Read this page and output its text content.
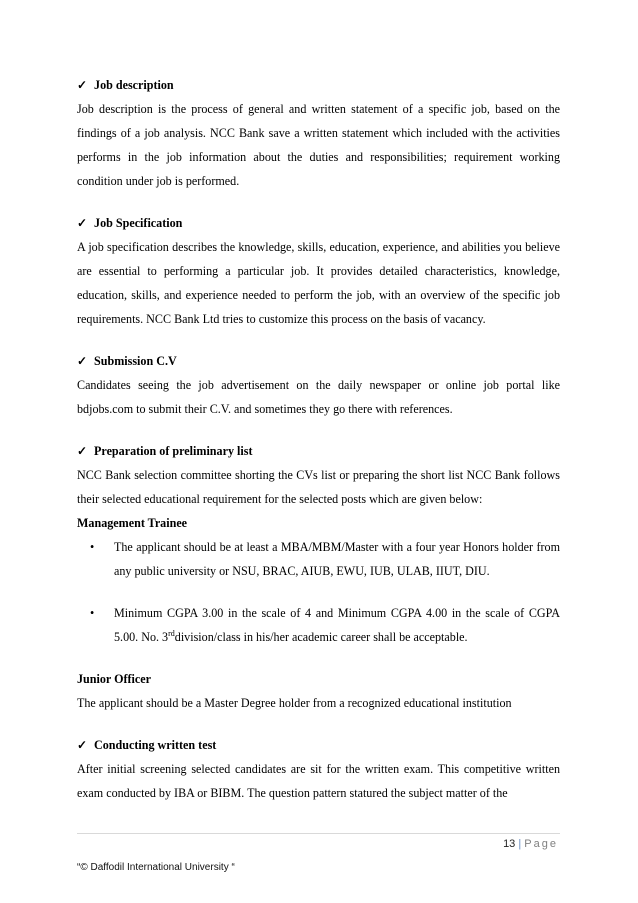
✓ Job description

Job description is the process of general and written statement of a specific job, based on the findings of a job analysis. NCC Bank save a written statement which included with the activities performs in the job information about the duties and responsibilities; requirement working condition under job is performed.

✓ Job Specification

A job specification describes the knowledge, skills, education, experience, and abilities you believe are essential to performing a particular job. It provides detailed characteristics, knowledge, education, skills, and experience needed to perform the job, with an overview of the specific job requirements. NCC Bank Ltd tries to customize this process on the basis of vacancy.

✓ Submission C.V

Candidates seeing the job advertisement on the daily newspaper or online job portal like bdjobs.com to submit their C.V. and sometimes they go there with references.

✓ Preparation of preliminary list

NCC Bank selection committee shorting the CVs list or preparing the short list NCC Bank follows their selected educational requirement for the selected posts which are given below:

Management Trainee

• The applicant should be at least a MBA/MBM/Master with a four year Honors holder from any public university or NSU, BRAC, AIUB, EWU, IUB, ULAB, IIUT, DIU.
• Minimum CGPA 3.00 in the scale of 4 and Minimum CGPA 4.00 in the scale of CGPA 5.00. No. 3rddivision/class in his/her academic career shall be acceptable.

Junior Officer

The applicant should be a Master Degree holder from a recognized educational institution

✓ Conducting written test

After initial screening selected candidates are sit for the written exam. This competitive written exam conducted by IBA or BIBM. The question pattern statured the subject matter of the

13 | Page
“© Daffodil International University “
